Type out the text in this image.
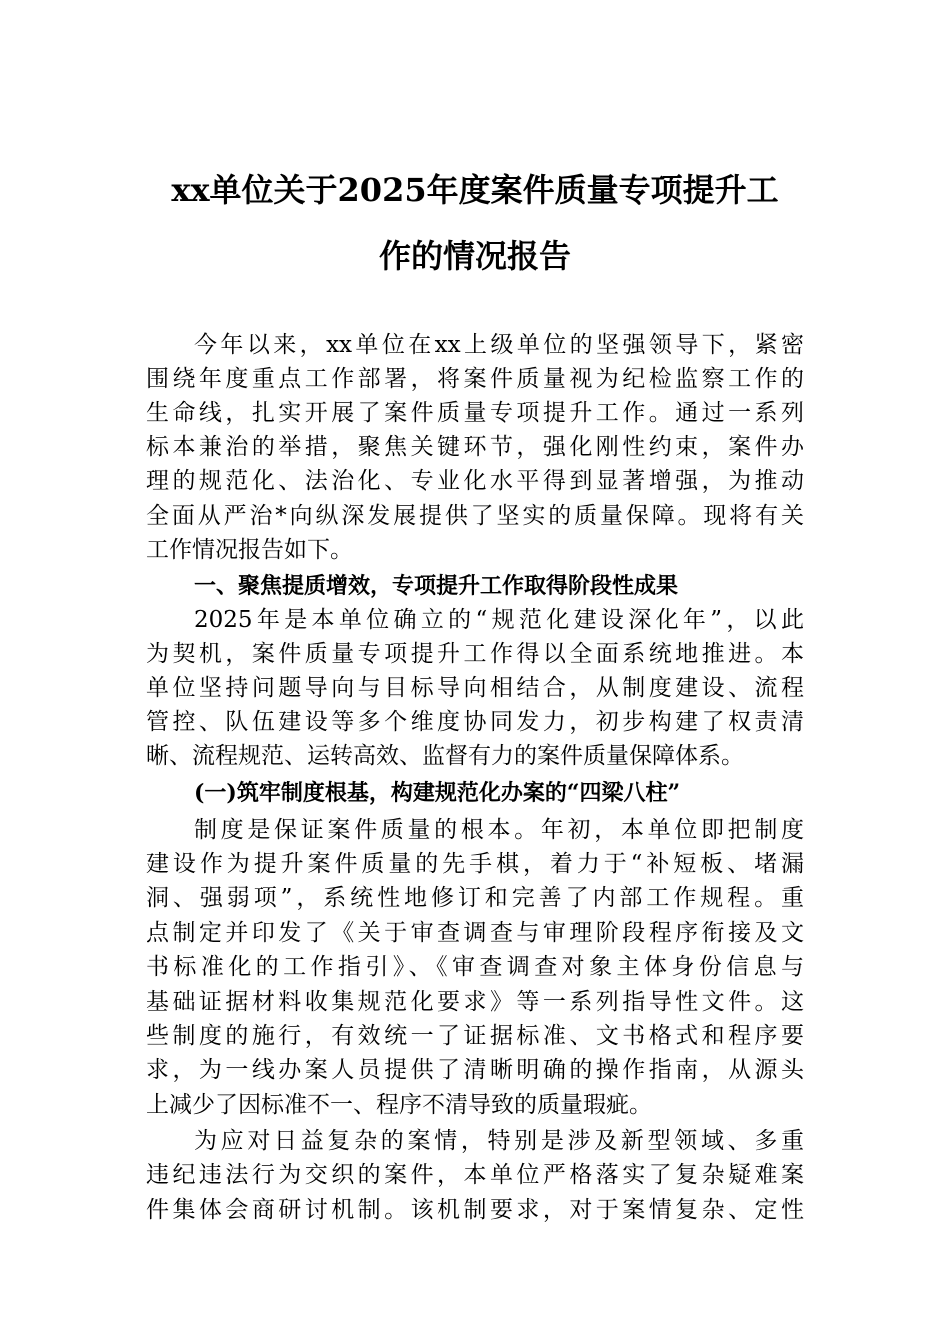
xx单位关于2025年度案件质量专项提升工
作的情况报告
今年以来，xx单位在xx上级单位的坚强领导下，紧密
围绕年度重点工作部署，将案件质量视为纪检监察工作的
生命线，扎实开展了案件质量专项提升工作。通过一系列
标本兼治的举措，聚焦关键环节，强化刚性约束，案件办
理的规范化、法治化、专业化水平得到显著增强，为推动
全面从严治*向纵深发展提供了坚实的质量保障。现将有关
工作情况报告如下。
一、聚焦提质增效，专项提升工作取得阶段性成果
2025年是本单位确立的“规范化建设深化年”，以此
为契机，案件质量专项提升工作得以全面系统地推进。本
单位坚持问题导向与目标导向相结合，从制度建设、流程
管控、队伍建设等多个维度协同发力，初步构建了权责清
晰、流程规范、运转高效、监督有力的案件质量保障体系。
(一)筑牢制度根基，构建规范化办案的“四梁八柱”
制度是保证案件质量的根本。年初，本单位即把制度
建设作为提升案件质量的先手棋，着力于“补短板、堵漏
洞、强弱项”，系统性地修订和完善了内部工作规程。重
点制定并印发了《关于审查调查与审理阶段程序衔接及文
书标准化的工作指引》、《审查调查对象主体身份信息与
基础证据材料收集规范化要求》等一系列指导性文件。这
些制度的施行，有效统一了证据标准、文书格式和程序要
求，为一线办案人员提供了清晰明确的操作指南，从源头
上减少了因标准不一、程序不清导致的质量瑕疵。
为应对日益复杂的案情，特别是涉及新型领域、多重
违纪违法行为交织的案件，本单位严格落实了复杂疑难案
件集体会商研讨机制。该机制要求，对于案情复杂、定性
